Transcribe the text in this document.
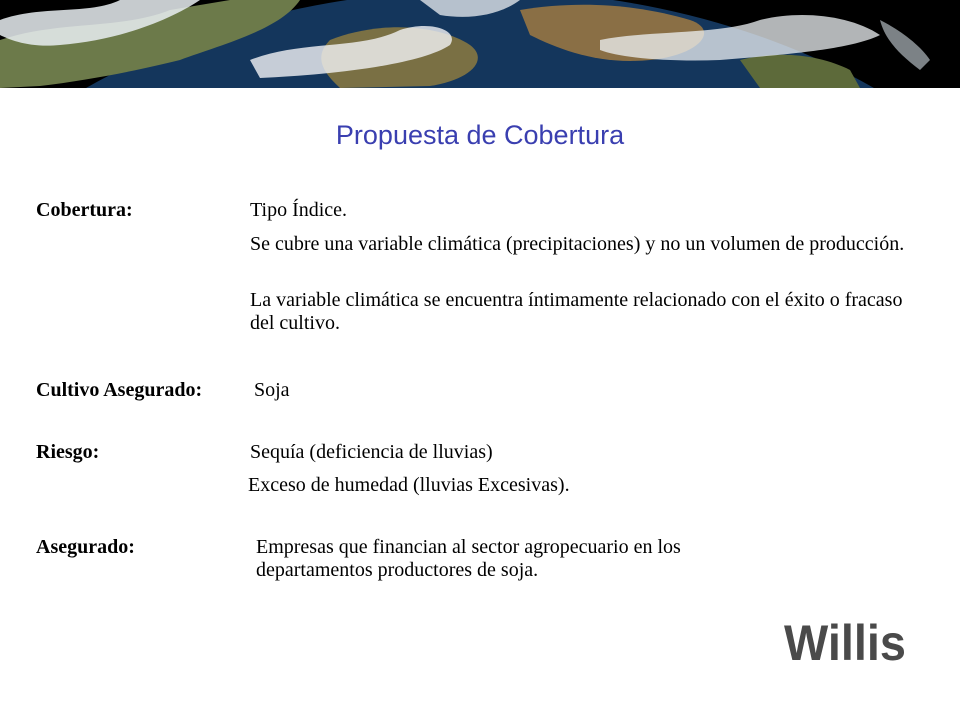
Propuesta de Cobertura
Cobertura:	Tipo Índice.
Se cubre una variable climática (precipitaciones) y no un volumen de producción.
La variable climática se encuentra íntimamente relacionado con el éxito o fracaso del cultivo.
Cultivo Asegurado:	Soja
Riesgo:	Sequía (deficiencia de lluvias)
Exceso de humedad (lluvias Excesivas).
Asegurado:	Empresas que financian al sector agropecuario en los departamentos productores de soja.
Willis
